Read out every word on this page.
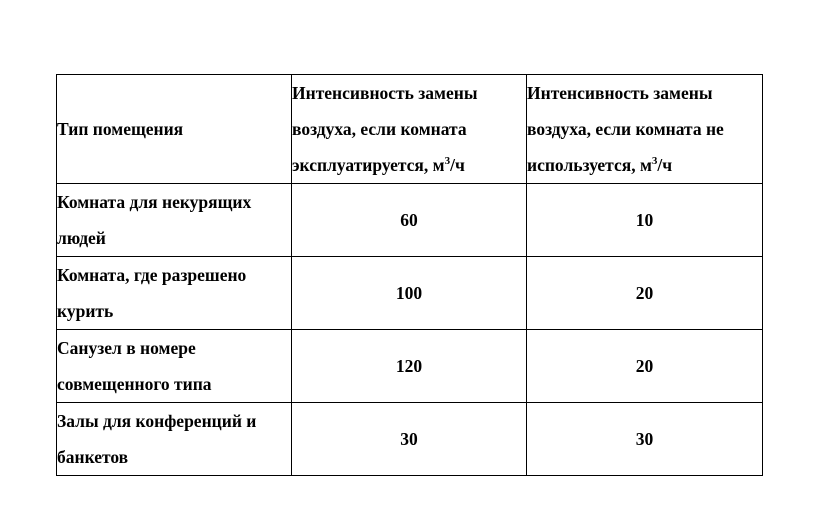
Тип помещения	Интенсивность замены воздуха, если комната эксплуатируется, $м^3/ч$	Интенсивность замены воздуха, если комната не используется, $м^3/ч$
Комната для некурящих людей	60	10
Комната, где разрешено курить	100	20
Санузел в номере совмещенного типа	120	20
Залы для конференций и банкетов	30	30
